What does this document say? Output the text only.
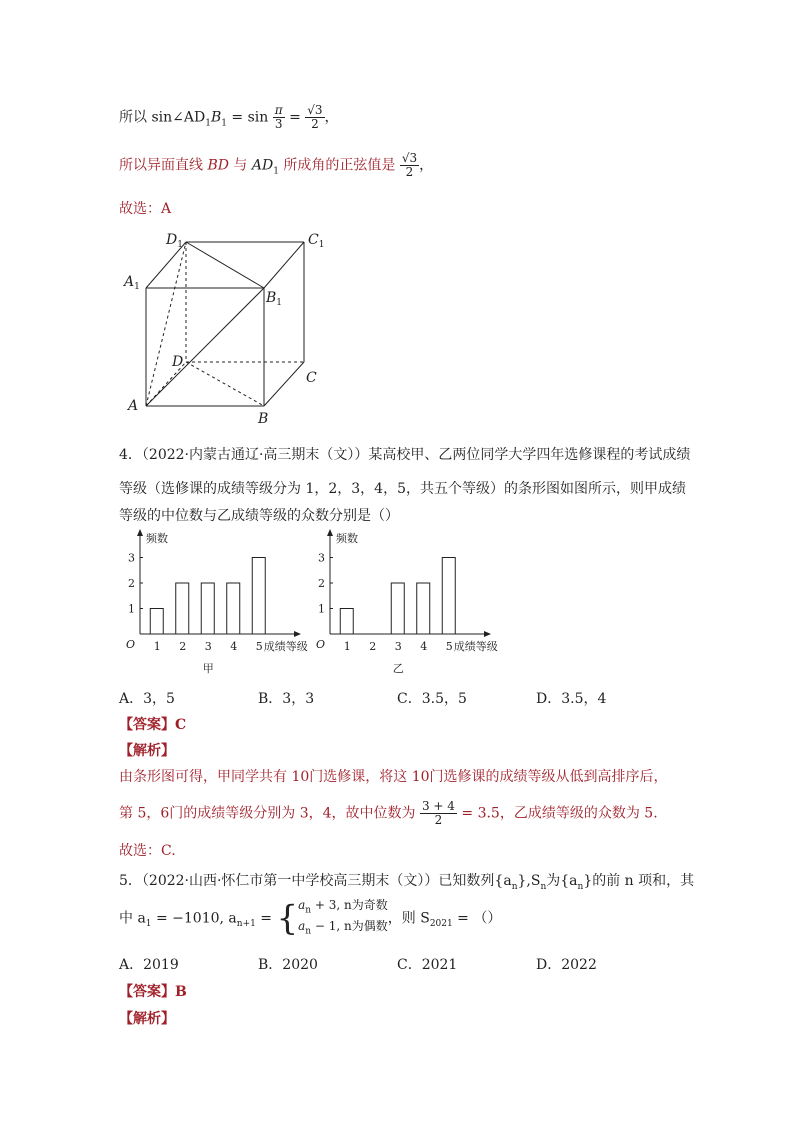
所以 $\sin\angle AD_1B_1 = \sin \frac{\pi}{3} = \frac{√3}{2}$ ，
所以异面直线 BD 与 $AD_1$ 所成角的正弦值是 $\frac{√3}{2}$ ，
故选：A
$D_1$	$C_1$
$A_1$
$B_1$
D
C
A
B
4．（2022·内蒙古通辽·高三期末（文））某高校甲、乙两位同学大学四年选修课程的考试成绩
等级（选修课的成绩等级分为 1，2，3，4，5，共五个等级）的条形图如图所示，则甲成绩
等级的中位数与乙成绩等级的众数分别是（）
频数
O
1
2
3
1 2 3 4 5 成绩等级
甲
频数
O
1
2
3
1 2 3 4 5 成绩等级
乙
A．3，5	B．3，3	C．3.5，5	D．3.5，4
【答案】C
【解析】
由条形图可得，甲同学共有 10门选修课，将这 10门选修课的成绩等级从低到高排序后，
第 5，6门的成绩等级分别为 3，4，故中位数为 $\frac{3 + 4}{2} = 3.5$，乙成绩等级的众数为 5.
故选：C.
5．（2022·山西·怀仁市第一中学校高三期末（文））已知数列$\{a_n\},S_n$为$\{a_n\}$的前 n 项和，其
中 $a_1 = -1010$, $a_{n+1}$ = { $a_n + 3$, n为奇数
$a_n - 1$, n为偶数 ，则 $S_{2021}$ = （）
A．2019	B．2020	C．2021	D．2022
【答案】B
【解析】
